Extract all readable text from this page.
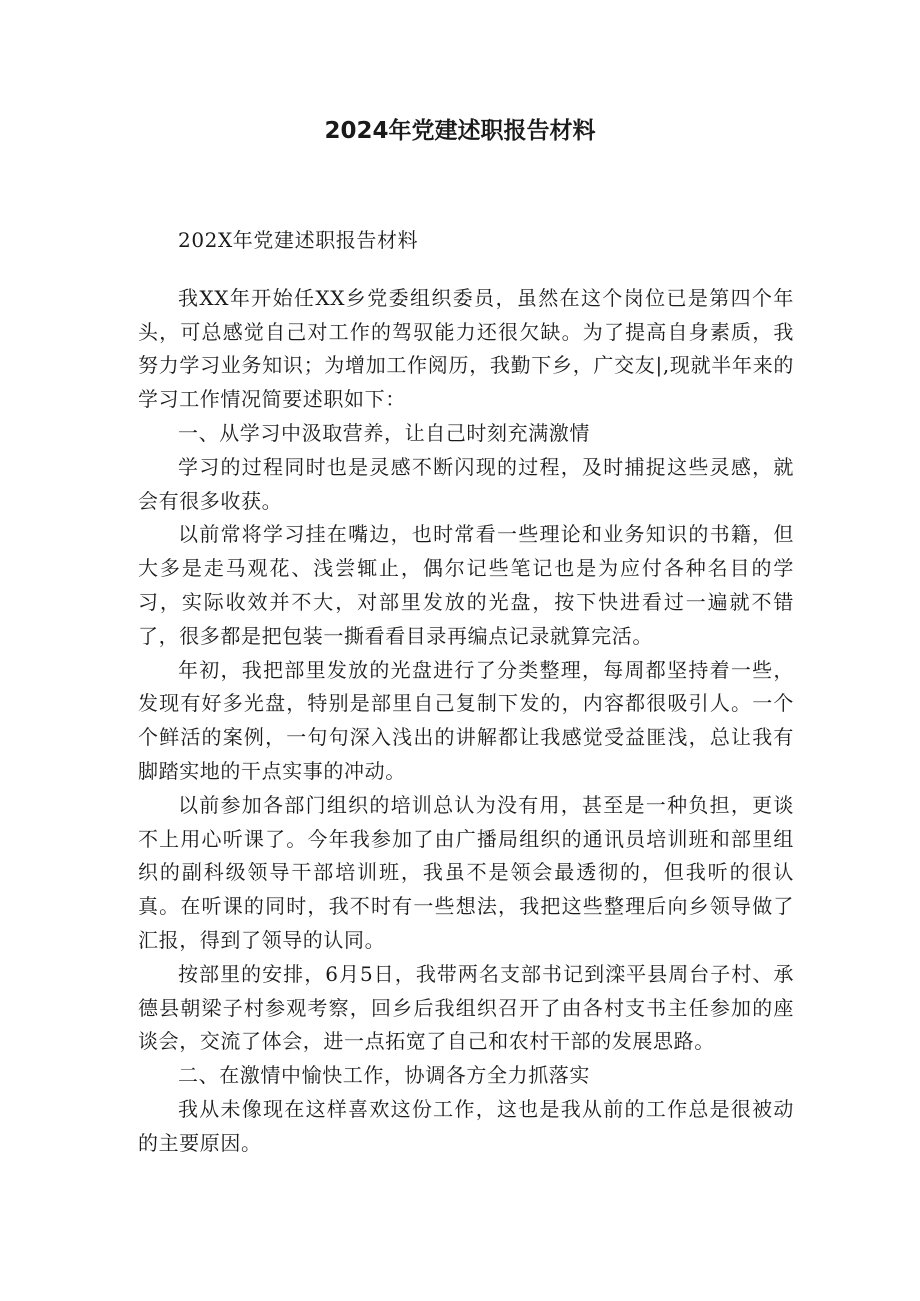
2024年党建述职报告材料

202X年党建述职报告材料

我XX年开始任XX乡党委组织委员，虽然在这个岗位已是第四个年头，可总感觉自己对工作的驾驭能力还很欠缺。为了提高自身素质，我努力学习业务知识；为增加工作阅历，我勤下乡，广交友|,现就半年来的学习工作情况简要述职如下：

一、从学习中汲取营养，让自己时刻充满激情

学习的过程同时也是灵感不断闪现的过程，及时捕捉这些灵感，就会有很多收获。

以前常将学习挂在嘴边，也时常看一些理论和业务知识的书籍，但大多是走马观花、浅尝辄止，偶尔记些笔记也是为应付各种名目的学习，实际收效并不大，对部里发放的光盘，按下快进看过一遍就不错了，很多都是把包装一撕看看目录再编点记录就算完活。

年初，我把部里发放的光盘进行了分类整理，每周都坚持着一些，发现有好多光盘，特别是部里自己复制下发的，内容都很吸引人。一个个鲜活的案例，一句句深入浅出的讲解都让我感觉受益匪浅，总让我有脚踏实地的干点实事的冲动。

以前参加各部门组织的培训总认为没有用，甚至是一种负担，更谈不上用心听课了。今年我参加了由广播局组织的通讯员培训班和部里组织的副科级领导干部培训班，我虽不是领会最透彻的，但我听的很认真。在听课的同时，我不时有一些想法，我把这些整理后向乡领导做了汇报，得到了领导的认同。

按部里的安排，6月5日，我带两名支部书记到滦平县周台子村、承德县朝梁子村参观考察，回乡后我组织召开了由各村支书主任参加的座谈会，交流了体会，进一点拓宽了自己和农村干部的发展思路。

二、在激情中愉快工作，协调各方全力抓落实

我从未像现在这样喜欢这份工作，这也是我从前的工作总是很被动的主要原因。
